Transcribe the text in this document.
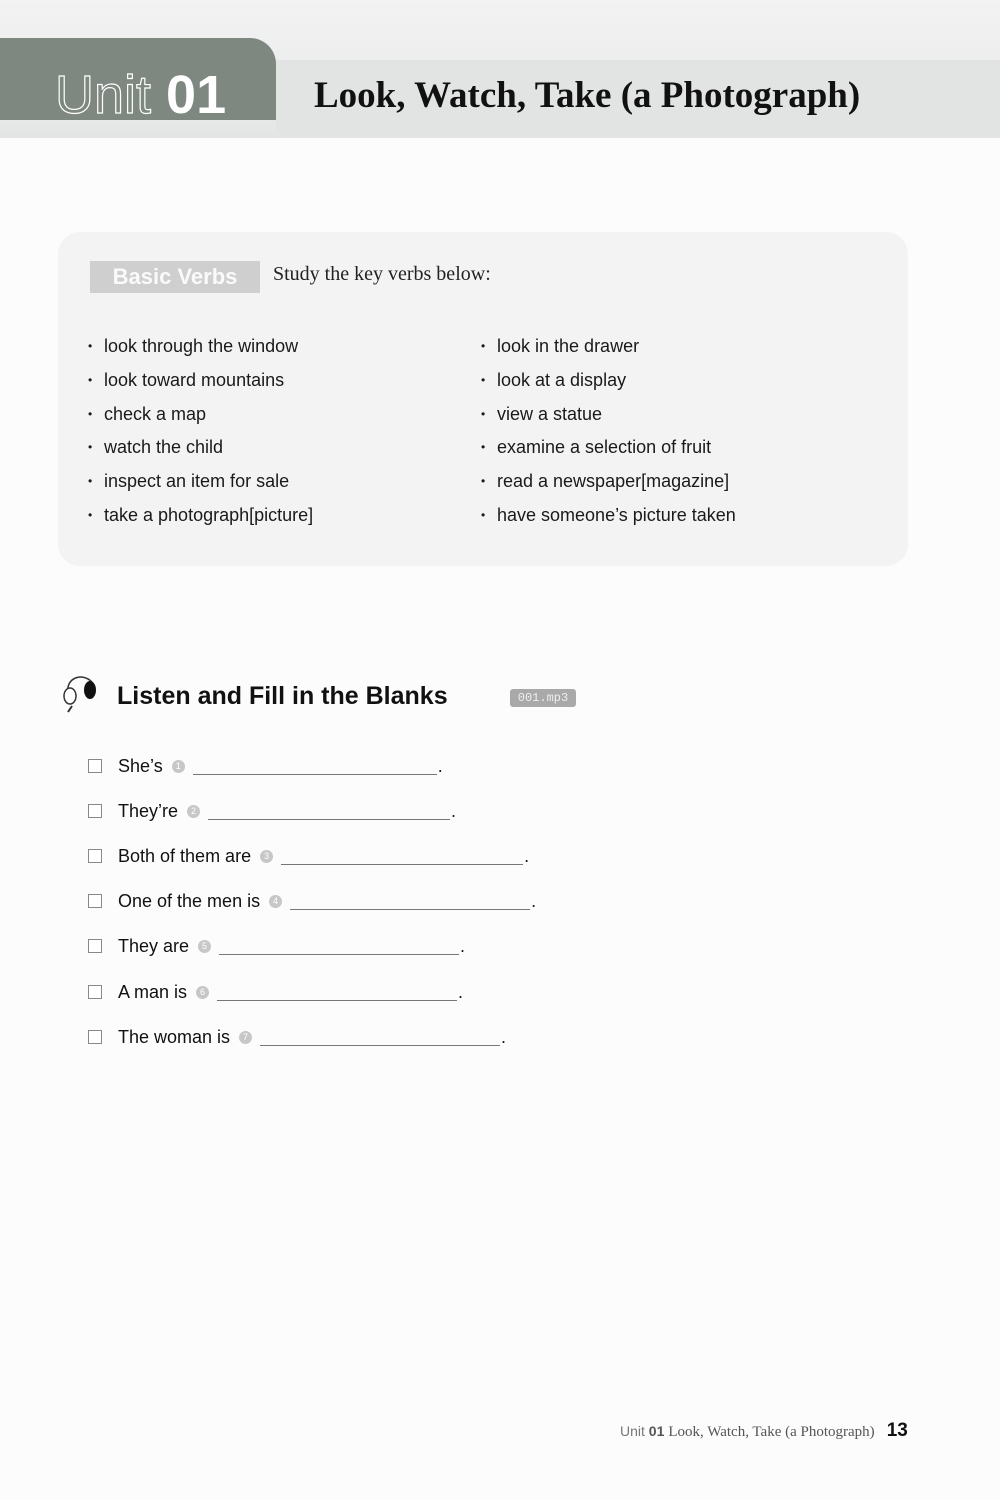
Unit 01 Look, Watch, Take (a Photograph)
Basic Verbs	Study the key verbs below:
• look through the window
• look toward mountains
• check a map
• watch the child
• inspect an item for sale
• take a photograph[picture]
• look in the drawer
• look at a display
• view a statue
• examine a selection of fruit
• read a newspaper[magazine]
• have someone’s picture taken
Listen and Fill in the Blanks	001.mp3
She’s	1	.
They’re	2	.
Both of them are	3	.
One of the men is	4	.
They are	5	.
A man is	6	.
The woman is	7	.
Unit 01 Look, Watch, Take (a Photograph) 13
